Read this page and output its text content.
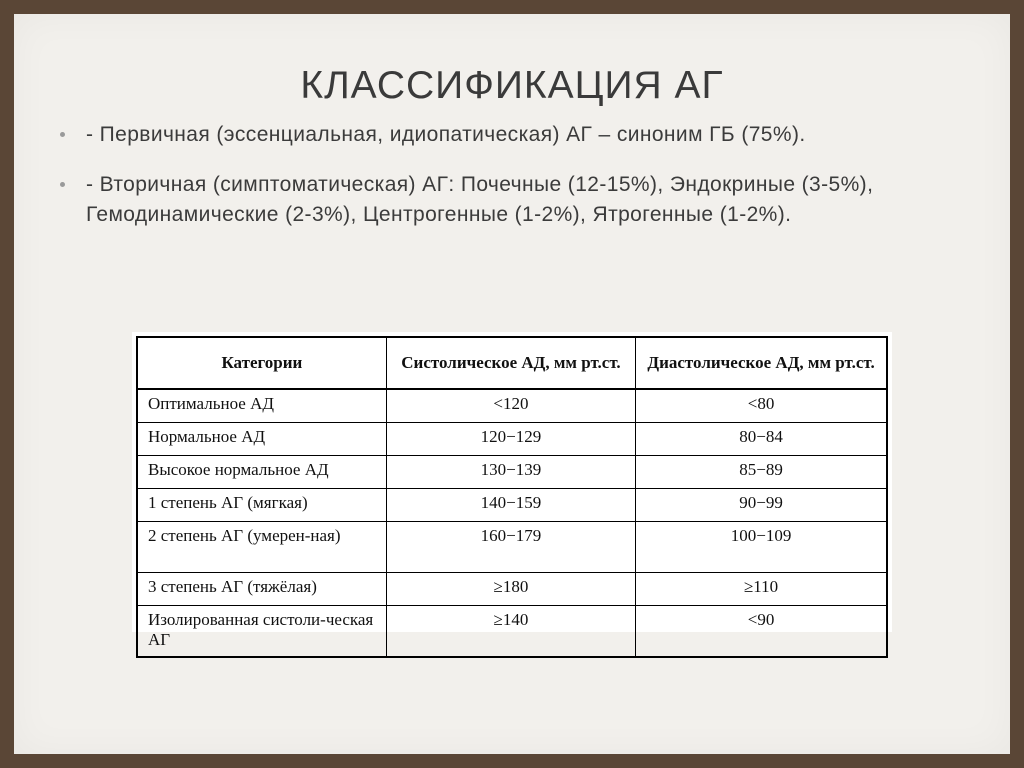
КЛАССИФИКАЦИЯ АГ
- Первичная (эссенциальная, идиопатическая) АГ – синоним ГБ (75%).
- Вторичная (симптоматическая) АГ: Почечные (12-15%), Эндокриные (3-5%), Гемодинамические (2-3%), Центрогенные (1-2%), Ятрогенные (1-2%).
Категории	Систолическое АД, мм рт.ст.	Диастолическое АД, мм рт.ст.
Оптимальное АД	<120	<80
Нормальное АД	120−129	80−84
Высокое нормальное АД	130−139	85−89
1 степень АГ (мягкая)	140−159	90−99
2 степень АГ (умерен-ная)	160−179	100−109
3 степень АГ (тяжёлая)	≥180	≥110
Изолированная систоли-ческая АГ	≥140	<90
